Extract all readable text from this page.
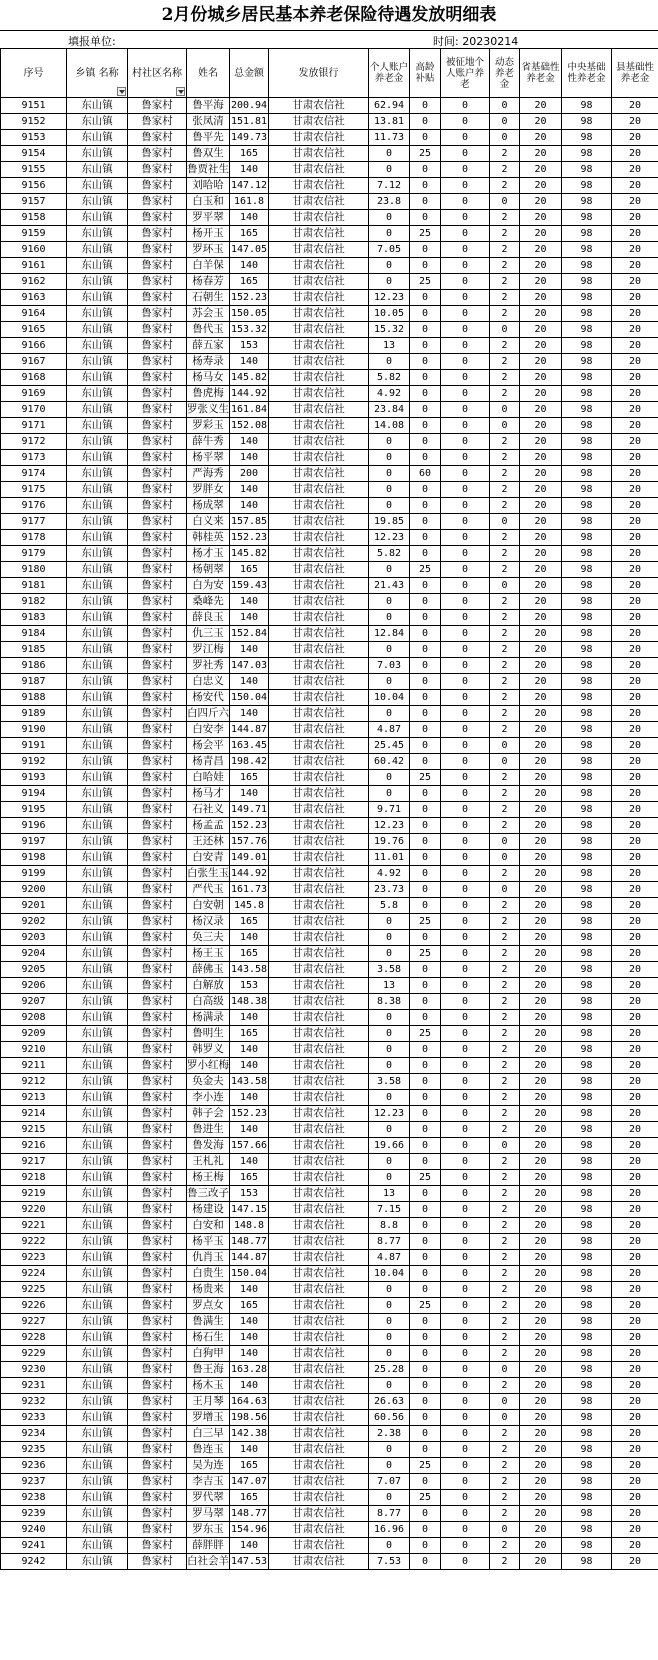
2月份城乡居民基本养老保险待遇发放明细表
填报单位:	时间: 20230214
序号	乡镇 名称	村社区名称	姓名	总金额	发放银行	个人账户养老金	高龄补贴	被征地个人账户养老	动态养老金	省基础性养老金	中央基础性养老金	县基础性养老金

9151	东山镇	鲁家村	鲁平海	200.94	甘肃农信社	62.94	0	0	0	20	98	20
9152	东山镇	鲁家村	张凤清	151.81	甘肃农信社	13.81	0	0	0	20	98	20
9153	东山镇	鲁家村	鲁平先	149.73	甘肃农信社	11.73	0	0	0	20	98	20
9154	东山镇	鲁家村	鲁双生	165	甘肃农信社	0	25	0	2	20	98	20
9155	东山镇	鲁家村	鲁贾社生	140	甘肃农信社	0	0	0	2	20	98	20
9156	东山镇	鲁家村	刘哈哈	147.12	甘肃农信社	7.12	0	0	2	20	98	20
9157	东山镇	鲁家村	白玉和	161.8	甘肃农信社	23.8	0	0	0	20	98	20
9158	东山镇	鲁家村	罗平翠	140	甘肃农信社	0	0	0	2	20	98	20
9159	东山镇	鲁家村	杨开玉	165	甘肃农信社	0	25	0	2	20	98	20
9160	东山镇	鲁家村	罗环玉	147.05	甘肃农信社	7.05	0	0	2	20	98	20
9161	东山镇	鲁家村	白羊保	140	甘肃农信社	0	0	0	2	20	98	20
9162	东山镇	鲁家村	杨春芳	165	甘肃农信社	0	25	0	2	20	98	20
9163	东山镇	鲁家村	石朝生	152.23	甘肃农信社	12.23	0	0	2	20	98	20
9164	东山镇	鲁家村	苏会玉	150.05	甘肃农信社	10.05	0	0	2	20	98	20
9165	东山镇	鲁家村	鲁代玉	153.32	甘肃农信社	15.32	0	0	0	20	98	20
9166	东山镇	鲁家村	薛五家	153	甘肃农信社	13	0	0	2	20	98	20
9167	东山镇	鲁家村	杨寿录	140	甘肃农信社	0	0	0	2	20	98	20
9168	东山镇	鲁家村	杨马女	145.82	甘肃农信社	5.82	0	0	2	20	98	20
9169	东山镇	鲁家村	鲁虎梅	144.92	甘肃农信社	4.92	0	0	2	20	98	20
9170	东山镇	鲁家村	罗张义生	161.84	甘肃农信社	23.84	0	0	0	20	98	20
9171	东山镇	鲁家村	罗彩玉	152.08	甘肃农信社	14.08	0	0	0	20	98	20
9172	东山镇	鲁家村	薛牛秀	140	甘肃农信社	0	0	0	2	20	98	20
9173	东山镇	鲁家村	杨平翠	140	甘肃农信社	0	0	0	2	20	98	20
9174	东山镇	鲁家村	严海秀	200	甘肃农信社	0	60	0	2	20	98	20
9175	东山镇	鲁家村	罗胖女	140	甘肃农信社	0	0	0	2	20	98	20
9176	东山镇	鲁家村	杨成翠	140	甘肃农信社	0	0	0	2	20	98	20
9177	东山镇	鲁家村	白义来	157.85	甘肃农信社	19.85	0	0	0	20	98	20
9178	东山镇	鲁家村	韩桂英	152.23	甘肃农信社	12.23	0	0	2	20	98	20
9179	东山镇	鲁家村	杨才玉	145.82	甘肃农信社	5.82	0	0	2	20	98	20
9180	东山镇	鲁家村	杨朝翠	165	甘肃农信社	0	25	0	2	20	98	20
9181	东山镇	鲁家村	白为安	159.43	甘肃农信社	21.43	0	0	0	20	98	20
9182	东山镇	鲁家村	桑峰先	140	甘肃农信社	0	0	0	2	20	98	20
9183	东山镇	鲁家村	薛良玉	140	甘肃农信社	0	0	0	2	20	98	20
9184	东山镇	鲁家村	仇三玉	152.84	甘肃农信社	12.84	0	0	2	20	98	20
9185	东山镇	鲁家村	罗江梅	140	甘肃农信社	0	0	0	2	20	98	20
9186	东山镇	鲁家村	罗社秀	147.03	甘肃农信社	7.03	0	0	2	20	98	20
9187	东山镇	鲁家村	白忠义	140	甘肃农信社	0	0	0	2	20	98	20
9188	东山镇	鲁家村	杨安代	150.04	甘肃农信社	10.04	0	0	2	20	98	20
9189	东山镇	鲁家村	白四斤六	140	甘肃农信社	0	0	0	2	20	98	20
9190	东山镇	鲁家村	白安李	144.87	甘肃农信社	4.87	0	0	2	20	98	20
9191	东山镇	鲁家村	杨会平	163.45	甘肃农信社	25.45	0	0	0	20	98	20
9192	东山镇	鲁家村	杨青昌	198.42	甘肃农信社	60.42	0	0	0	20	98	20
9193	东山镇	鲁家村	白哈娃	165	甘肃农信社	0	25	0	2	20	98	20
9194	东山镇	鲁家村	杨马才	140	甘肃农信社	0	0	0	2	20	98	20
9195	东山镇	鲁家村	石社义	149.71	甘肃农信社	9.71	0	0	2	20	98	20
9196	东山镇	鲁家村	杨孟孟	152.23	甘肃农信社	12.23	0	0	2	20	98	20
9197	东山镇	鲁家村	王还林	157.76	甘肃农信社	19.76	0	0	0	20	98	20
9198	东山镇	鲁家村	白安青	149.01	甘肃农信社	11.01	0	0	0	20	98	20
9199	东山镇	鲁家村	白张生玉	144.92	甘肃农信社	4.92	0	0	2	20	98	20
9200	东山镇	鲁家村	严代玉	161.73	甘肃农信社	23.73	0	0	0	20	98	20
9201	东山镇	鲁家村	白安朝	145.8	甘肃农信社	5.8	0	0	2	20	98	20
9202	东山镇	鲁家村	杨汉录	165	甘肃农信社	0	25	0	2	20	98	20
9203	东山镇	鲁家村	奂三夫	140	甘肃农信社	0	0	0	2	20	98	20
9204	东山镇	鲁家村	杨王玉	165	甘肃农信社	0	25	0	2	20	98	20
9205	东山镇	鲁家村	薛佛玉	143.58	甘肃农信社	3.58	0	0	2	20	98	20
9206	东山镇	鲁家村	白解放	153	甘肃农信社	13	0	0	2	20	98	20
9207	东山镇	鲁家村	白高级	148.38	甘肃农信社	8.38	0	0	2	20	98	20
9208	东山镇	鲁家村	杨满录	140	甘肃农信社	0	0	0	2	20	98	20
9209	东山镇	鲁家村	鲁明生	165	甘肃农信社	0	25	0	2	20	98	20
9210	东山镇	鲁家村	韩罗义	140	甘肃农信社	0	0	0	2	20	98	20
9211	东山镇	鲁家村	罗小红梅	140	甘肃农信社	0	0	0	2	20	98	20
9212	东山镇	鲁家村	奂金夫	143.58	甘肃农信社	3.58	0	0	2	20	98	20
9213	东山镇	鲁家村	李小连	140	甘肃农信社	0	0	0	2	20	98	20
9214	东山镇	鲁家村	韩子会	152.23	甘肃农信社	12.23	0	0	2	20	98	20
9215	东山镇	鲁家村	鲁进生	140	甘肃农信社	0	0	0	2	20	98	20
9216	东山镇	鲁家村	鲁发海	157.66	甘肃农信社	19.66	0	0	0	20	98	20
9217	东山镇	鲁家村	王札礼	140	甘肃农信社	0	0	0	2	20	98	20
9218	东山镇	鲁家村	杨王梅	165	甘肃农信社	0	25	0	2	20	98	20
9219	东山镇	鲁家村	鲁三改子	153	甘肃农信社	13	0	0	2	20	98	20
9220	东山镇	鲁家村	杨建设	147.15	甘肃农信社	7.15	0	0	2	20	98	20
9221	东山镇	鲁家村	白安和	148.8	甘肃农信社	8.8	0	0	2	20	98	20
9222	东山镇	鲁家村	杨平玉	148.77	甘肃农信社	8.77	0	0	2	20	98	20
9223	东山镇	鲁家村	仇肖玉	144.87	甘肃农信社	4.87	0	0	2	20	98	20
9224	东山镇	鲁家村	白贵生	150.04	甘肃农信社	10.04	0	0	2	20	98	20
9225	东山镇	鲁家村	杨贵来	140	甘肃农信社	0	0	0	2	20	98	20
9226	东山镇	鲁家村	罗点女	165	甘肃农信社	0	25	0	2	20	98	20
9227	东山镇	鲁家村	鲁满生	140	甘肃农信社	0	0	0	2	20	98	20
9228	东山镇	鲁家村	杨石生	140	甘肃农信社	0	0	0	2	20	98	20
9229	东山镇	鲁家村	白狗甲	140	甘肃农信社	0	0	0	2	20	98	20
9230	东山镇	鲁家村	鲁王海	163.28	甘肃农信社	25.28	0	0	0	20	98	20
9231	东山镇	鲁家村	杨木玉	140	甘肃农信社	0	0	0	2	20	98	20
9232	东山镇	鲁家村	王月琴	164.63	甘肃农信社	26.63	0	0	0	20	98	20
9233	东山镇	鲁家村	罗增玉	198.56	甘肃农信社	60.56	0	0	0	20	98	20
9234	东山镇	鲁家村	白三早	142.38	甘肃农信社	2.38	0	0	2	20	98	20
9235	东山镇	鲁家村	鲁连玉	140	甘肃农信社	0	0	0	2	20	98	20
9236	东山镇	鲁家村	吴为连	165	甘肃农信社	0	25	0	2	20	98	20
9237	东山镇	鲁家村	李吉玉	147.07	甘肃农信社	7.07	0	0	2	20	98	20
9238	东山镇	鲁家村	罗代翠	165	甘肃农信社	0	25	0	2	20	98	20
9239	东山镇	鲁家村	罗马翠	148.77	甘肃农信社	8.77	0	0	2	20	98	20
9240	东山镇	鲁家村	罗东玉	154.96	甘肃农信社	16.96	0	0	0	20	98	20
9241	东山镇	鲁家村	薛胖胖	140	甘肃农信社	0	0	0	2	20	98	20
9242	东山镇	鲁家村	白社会羊	147.53	甘肃农信社	7.53	0	0	2	20	98	20
